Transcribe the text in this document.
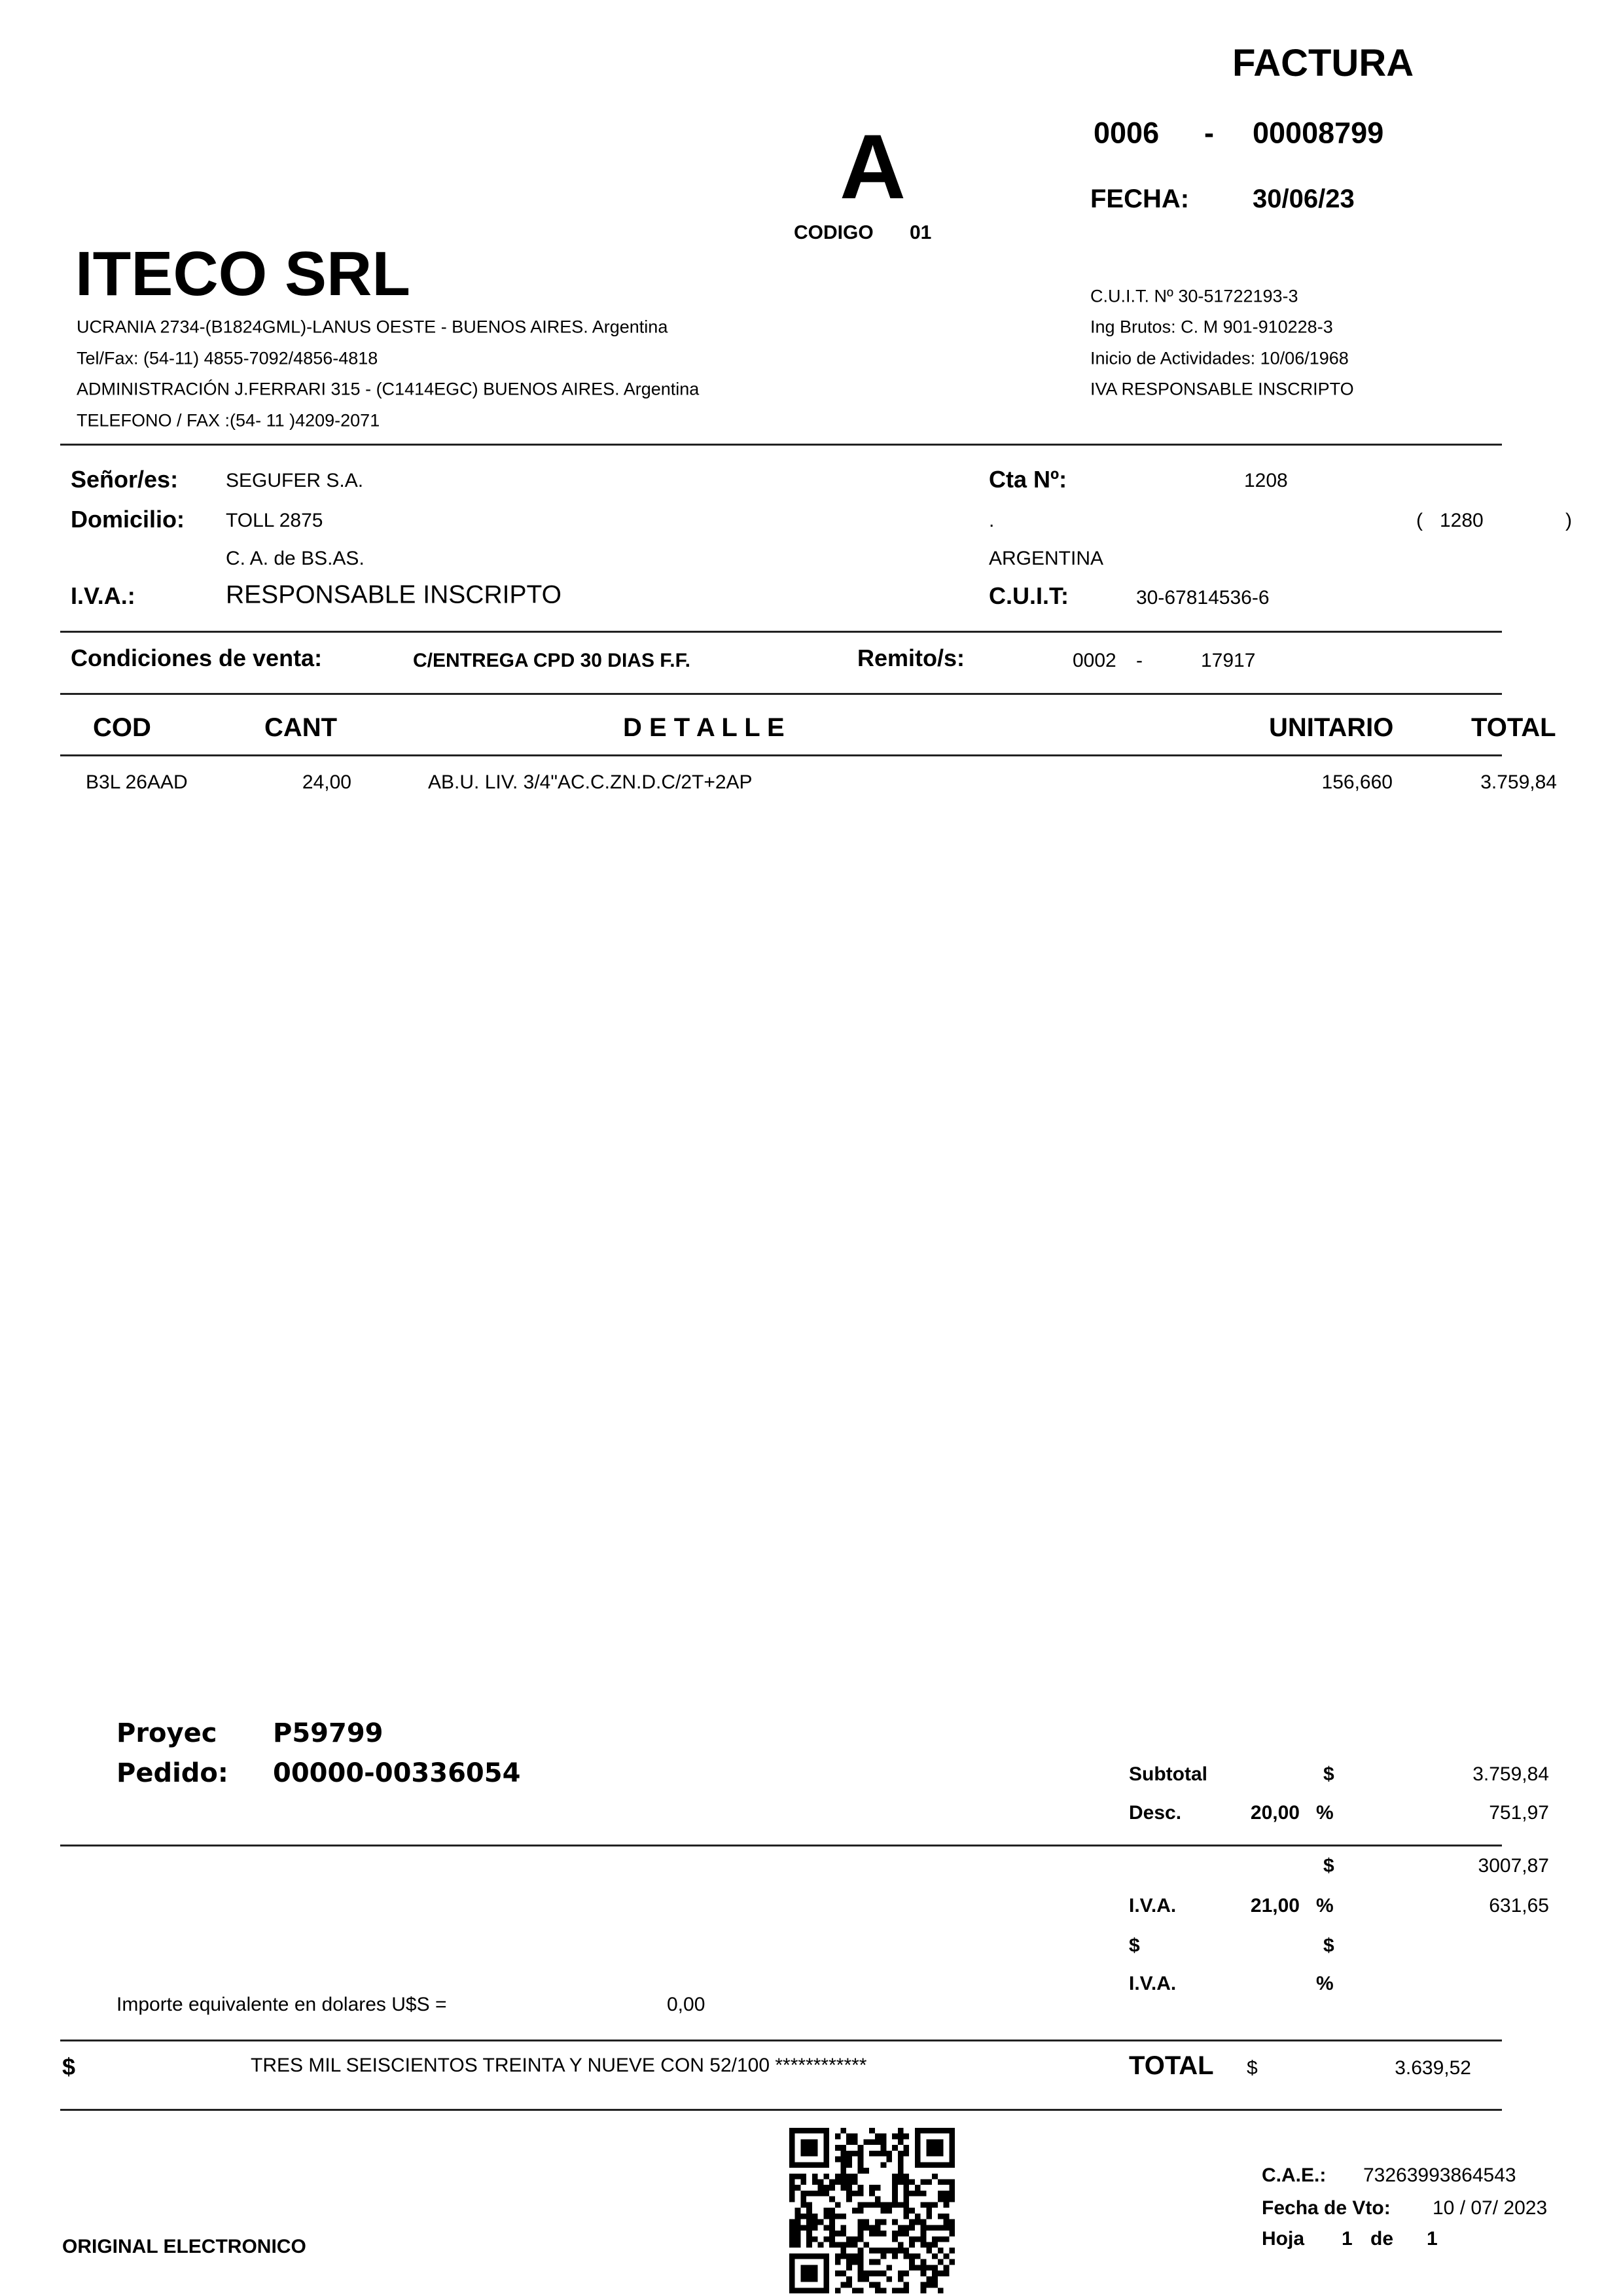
FACTURA
A
CODIGO 01
0006 - 00008799
FECHA: 30/06/23
ITECO SRL
UCRANIA 2734-(B1824GML)-LANUS OESTE - BUENOS AIRES. Argentina
Tel/Fax: (54-11) 4855-7092/4856-4818
ADMINISTRACIÓN J.FERRARI 315 - (C1414EGC) BUENOS AIRES. Argentina
TELEFONO / FAX :(54- 11 )4209-2071
C.U.I.T. Nº 30-51722193-3
Ing Brutos: C. M 901-910228-3
Inicio de Actividades: 10/06/1968
IVA RESPONSABLE INSCRIPTO
Señor/es: SEGUFER S.A.
Domicilio: TOLL 2875
C. A. de BS.AS.
I.V.A.:	RESPONSABLE INSCRIPTO
Cta Nº:	1208
.	( 1280	)
ARGENTINA
C.U.I.T:	30-67814536-6
Condiciones de venta:	C/ENTREGA CPD 30 DIAS F.F.	Remito/s:	0002 -	17917
COD	CANT	D E T A L L E	UNITARIO	TOTAL
B3L 26AAD	24,00	AB.U. LIV. 3/4"AC.C.ZN.D.C/2T+2AP	156,660	3.759,84
Proyec P59799
Pedido: 00000-00336054	Subtotal	$	3.759,84
Desc.	20,00 %	751,97
$	3007,87
I.V.A.	21,00 %	631,65
$	$
I.V.A.	%
Importe equivalente en dolares U$S =	0,00
$	TRES MIL SEISCIENTOS TREINTA Y NUEVE CON 52/100 ************	TOTAL $	3.639,52
ORIGINAL ELECTRONICO
C.A.E.: 73263993864543
Fecha de Vto: 10 / 07/ 2023
Hoja 1 de 1
